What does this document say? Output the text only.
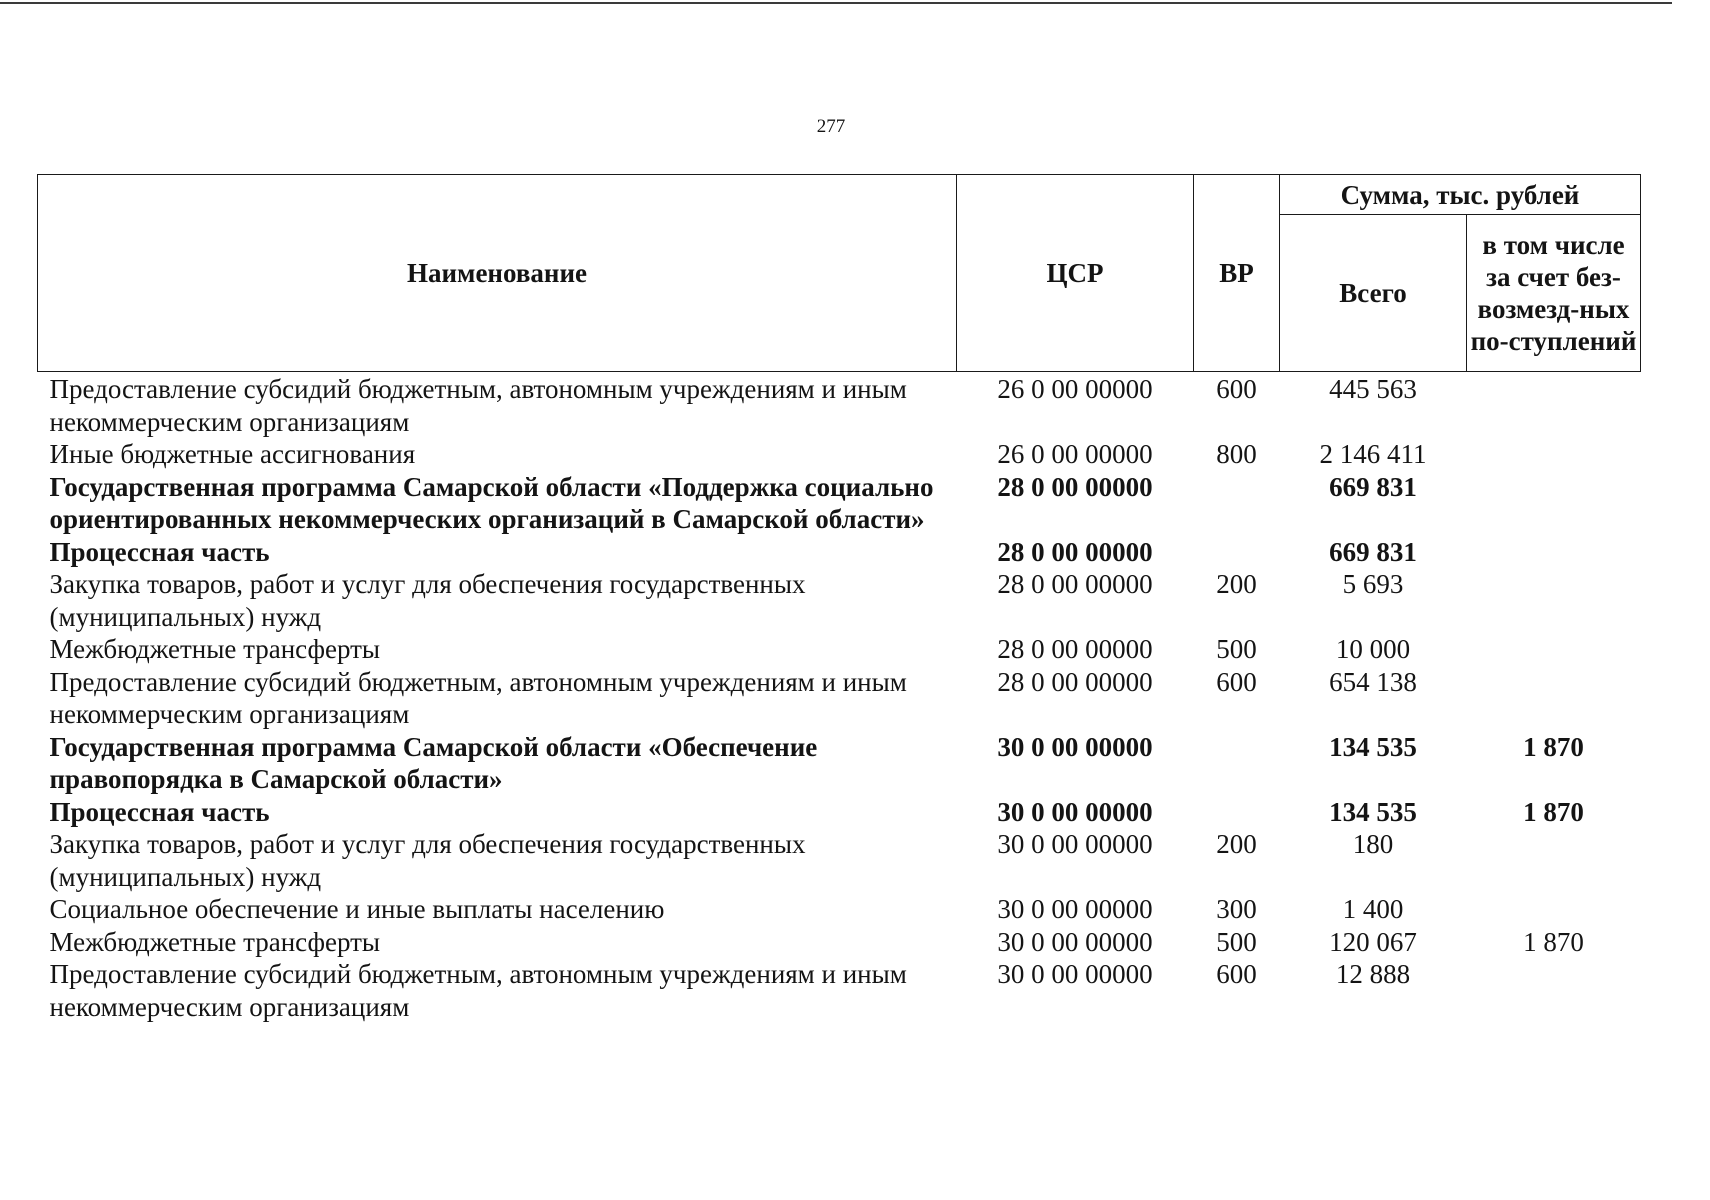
277
Наименование	ЦСР	ВР	Сумма, тыс. рублей	
			Всего	в том числе за счет без-возмезд-ных по-ступлений
Предоставление субсидий бюджетным, автономным учреждениям и иным некоммерческим организациям	26 0 00 00000	600	445 563	
Иные бюджетные ассигнования	26 0 00 00000	800	2 146 411	
Государственная программа Самарской области «Поддержка социально ориентированных некоммерческих организаций в Самарской области»	28 0 00 00000		669 831	
Процессная часть	28 0 00 00000		669 831	
Закупка товаров, работ и услуг для обеспечения государственных (муниципальных) нужд	28 0 00 00000	200	5 693	
Межбюджетные трансферты	28 0 00 00000	500	10 000	
Предоставление субсидий бюджетным, автономным учреждениям и иным некоммерческим организациям	28 0 00 00000	600	654 138	
Государственная программа Самарской области «Обеспечение правопорядка в Самарской области»	30 0 00 00000		134 535	1 870
Процессная часть	30 0 00 00000		134 535	1 870
Закупка товаров, работ и услуг для обеспечения государственных (муниципальных) нужд	30 0 00 00000	200	180	
Социальное обеспечение и иные выплаты населению	30 0 00 00000	300	1 400	
Межбюджетные трансферты	30 0 00 00000	500	120 067	1 870
Предоставление субсидий бюджетным, автономным учреждениям и иным некоммерческим организациям	30 0 00 00000	600	12 888	
